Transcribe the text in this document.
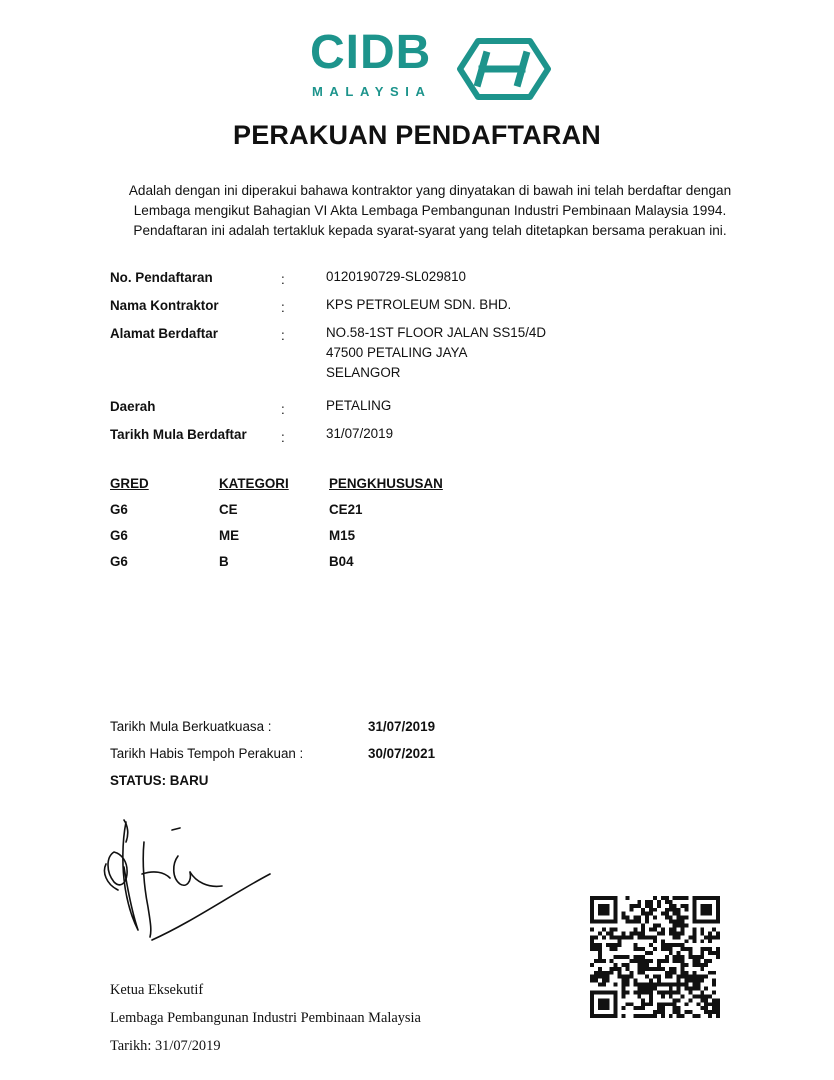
CIDB
MALAYSIA
PERAKUAN PENDAFTARAN
Adalah dengan ini diperakui bahawa kontraktor yang dinyatakan di bawah ini telah berdaftar dengan
Lembaga mengikut Bahagian VI Akta Lembaga Pembangunan Industri Pembinaan Malaysia 1994.
Pendaftaran ini adalah tertakluk kepada syarat-syarat yang telah ditetapkan bersama perakuan ini.
No. Pendaftaran	:	0120190729-SL029810
Nama Kontraktor	:	KPS PETROLEUM SDN. BHD.
Alamat Berdaftar	:	NO.58-1ST FLOOR JALAN SS15/4D
47500 PETALING JAYA
SELANGOR
Daerah	:	PETALING
Tarikh Mula Berdaftar	:	31/07/2019
GRED	KATEGORI	PENGKHUSUSAN
G6	CE	CE21
G6	ME	M15
G6	B	B04
Tarikh Mula Berkuatkuasa :	31/07/2019
Tarikh Habis Tempoh Perakuan :	30/07/2021
STATUS: BARU
Ketua Eksekutif
Lembaga Pembangunan Industri Pembinaan Malaysia
Tarikh: 31/07/2019
